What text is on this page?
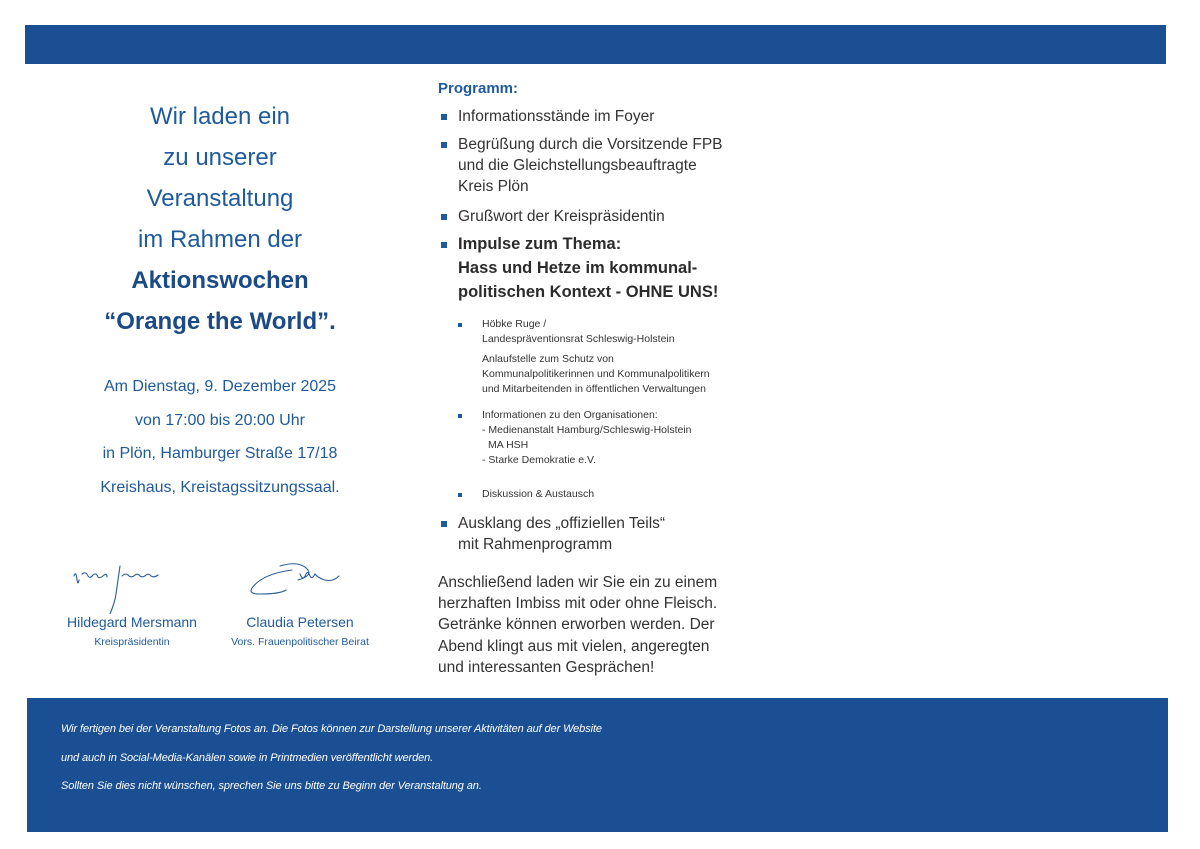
Wir laden ein
zu unserer
Veranstaltung
im Rahmen der
Aktionswochen
“Orange the World”.
Am Dienstag, 9. Dezember 2025
von 17:00 bis 20:00 Uhr
in Plön, Hamburger Straße 17/18
Kreishaus, Kreistagssitzungssaal.
Hildegard Mersmann
Kreispräsidentin
Claudia Petersen
Vors. Frauenpolitischer Beirat
Programm:
Informationsstände im Foyer
Begrüßung durch die Vorsitzende FPB
und die Gleichstellungsbeauftragte
Kreis Plön
Grußwort der Kreispräsidentin
Impulse zum Thema:
Hass und Hetze im kommunal-
politischen Kontext - OHNE UNS!
Höbke Ruge /
Landespräventionsrat Schleswig-Holstein
Anlaufstelle zum Schutz von
Kommunalpolitikerinnen und Kommunalpolitikern
und Mitarbeitenden in öffentlichen Verwaltungen
Informationen zu den Organisationen:
- Medienanstalt Hamburg/Schleswig-Holstein
MA HSH
- Starke Demokratie e.V.
Diskussion & Austausch
Ausklang des „offiziellen Teils“
mit Rahmenprogramm
Anschließend laden wir Sie ein zu einem
herzhaften Imbiss mit oder ohne Fleisch.
Getränke können erworben werden. Der
Abend klingt aus mit vielen, angeregten
und interessanten Gesprächen!
Wir fertigen bei der Veranstaltung Fotos an. Die Fotos können zur Darstellung unserer Aktivitäten auf der Website
und auch in Social-Media-Kanälen sowie in Printmedien veröffentlicht werden.
Sollten Sie dies nicht wünschen, sprechen Sie uns bitte zu Beginn der Veranstaltung an.
